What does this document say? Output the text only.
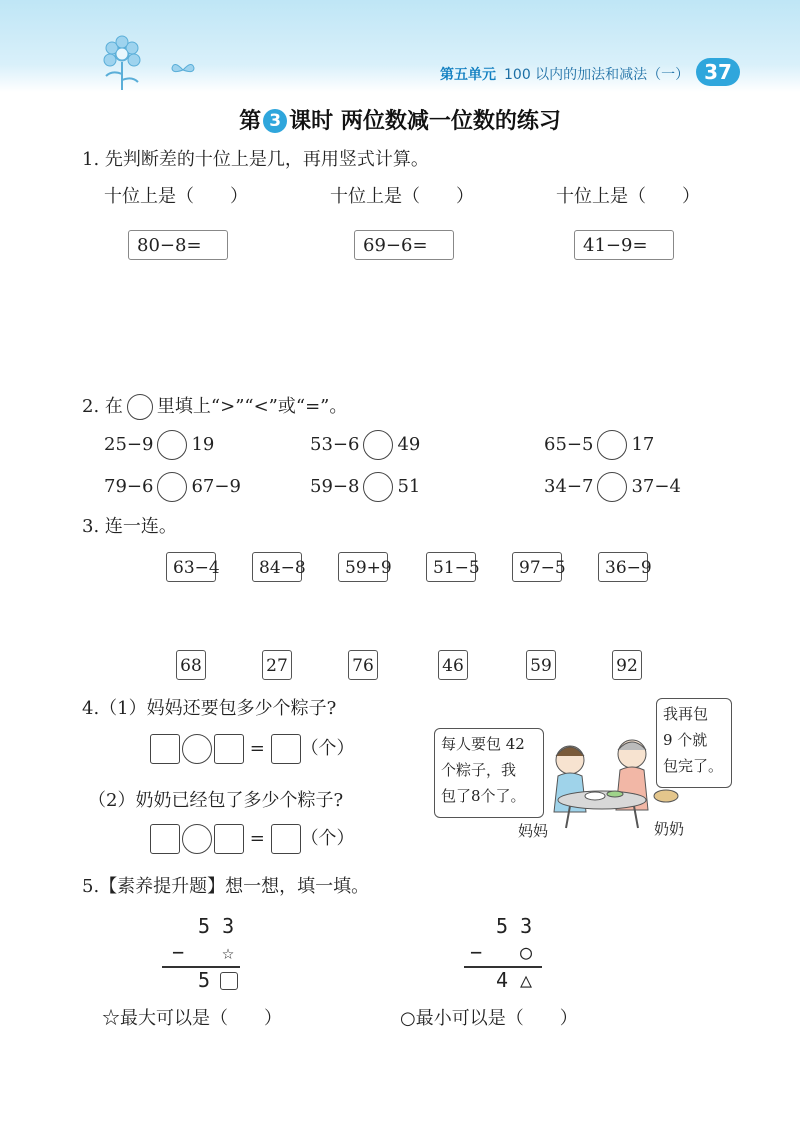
第五单元 100 以内的加法和减法（一） 37
第 3 课时 两位数减一位数的练习
1. 先判断差的十位上是几，再用竖式计算。
十位上是（　　）	十位上是（　　）	十位上是（　　）
80−8=	69−6=	41−9=
2. 在 里填上“>”“<”或“=”。
25−9 19	53−6 49	65−5 17
79−6 67−9	59−8 51	34−7 37−4
3. 连一连。
63−4	84−8	59+9	51−5	97−5	36−9
68	27	76	46	59	92
4.（1）妈妈还要包多少个粽子?
= （个）
（2）奶奶已经包了多少个粽子?
= （个）
每人要包 42
个粽子，我
包了8个了。
我再包
9 个就
包完了。
妈妈	奶奶
5.【素养提升题】想一想，填一填。
5 3
− ☆
5
5 3
− ○
4 △
☆最大可以是（　　）	○最小可以是（　　）
